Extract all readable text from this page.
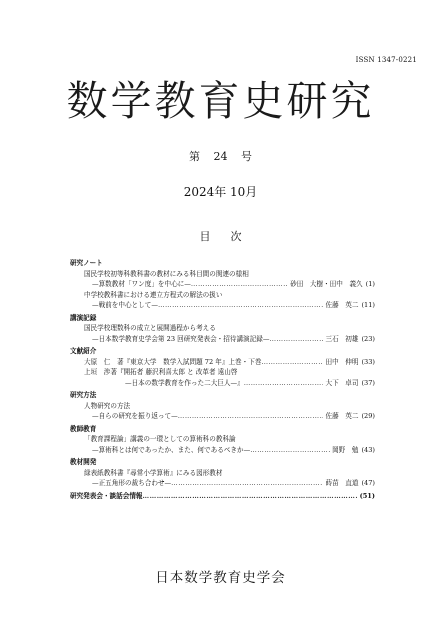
ISSN 1347-0221
数学教育史研究
第 24 号
2024年 10月
目次
研究ノート
国民学校初等科教科書の教材にみる科目間の関連の様相
—算数教材「ワン度」を中心に— …………………………………………………………………………………………………………………………	砂田　大樹・田中　義久 (1)
中学校教科書における連立方程式の解法の扱い
—戦前を中心として— …………………………………………………………………………………………………………………………	佐藤　英二 (11)
講演記録
国民学校理数科の成立と展開過程から考える
—日本数学教育史学会第 23 回研究発表会・招待講演記録— …………………………………………………………………………………………………………………………	三石　初雄 (23)
文献紹介
大原　仁　著『東京大学　数学入試問題 72 年』上巻・下巻 …………………………………………………………………………………………………………………………	田中　伸明 (33)
上垣　渉著『開拓者 藤沢利喜太郎 と 改革者 遠山啓
—日本の数学教育を作った二大巨人—』 …………………………………………………………………………………………………………………………	大下　卓司 (37)
研究方法
人物研究の方法
—自らの研究を振り返って— …………………………………………………………………………………………………………………………	佐藤　英二 (29)
教師教育
「教育課程論」講義の一環としての算術科の教科論
—算術科とは何であったか、また、何であるべきか— …………………………………………………………………………………………………………………………	岡野　勉 (43)
教材開発
緑表紙教科書『尋常小学算術』にみる図形教材
—正五角形の裁ち合わせ— …………………………………………………………………………………………………………………………	蒔苗　直道 (47)
研究発表会・談話会情報 …………………………………………………………………………………………………………………………	(51)
日本数学教育史学会
